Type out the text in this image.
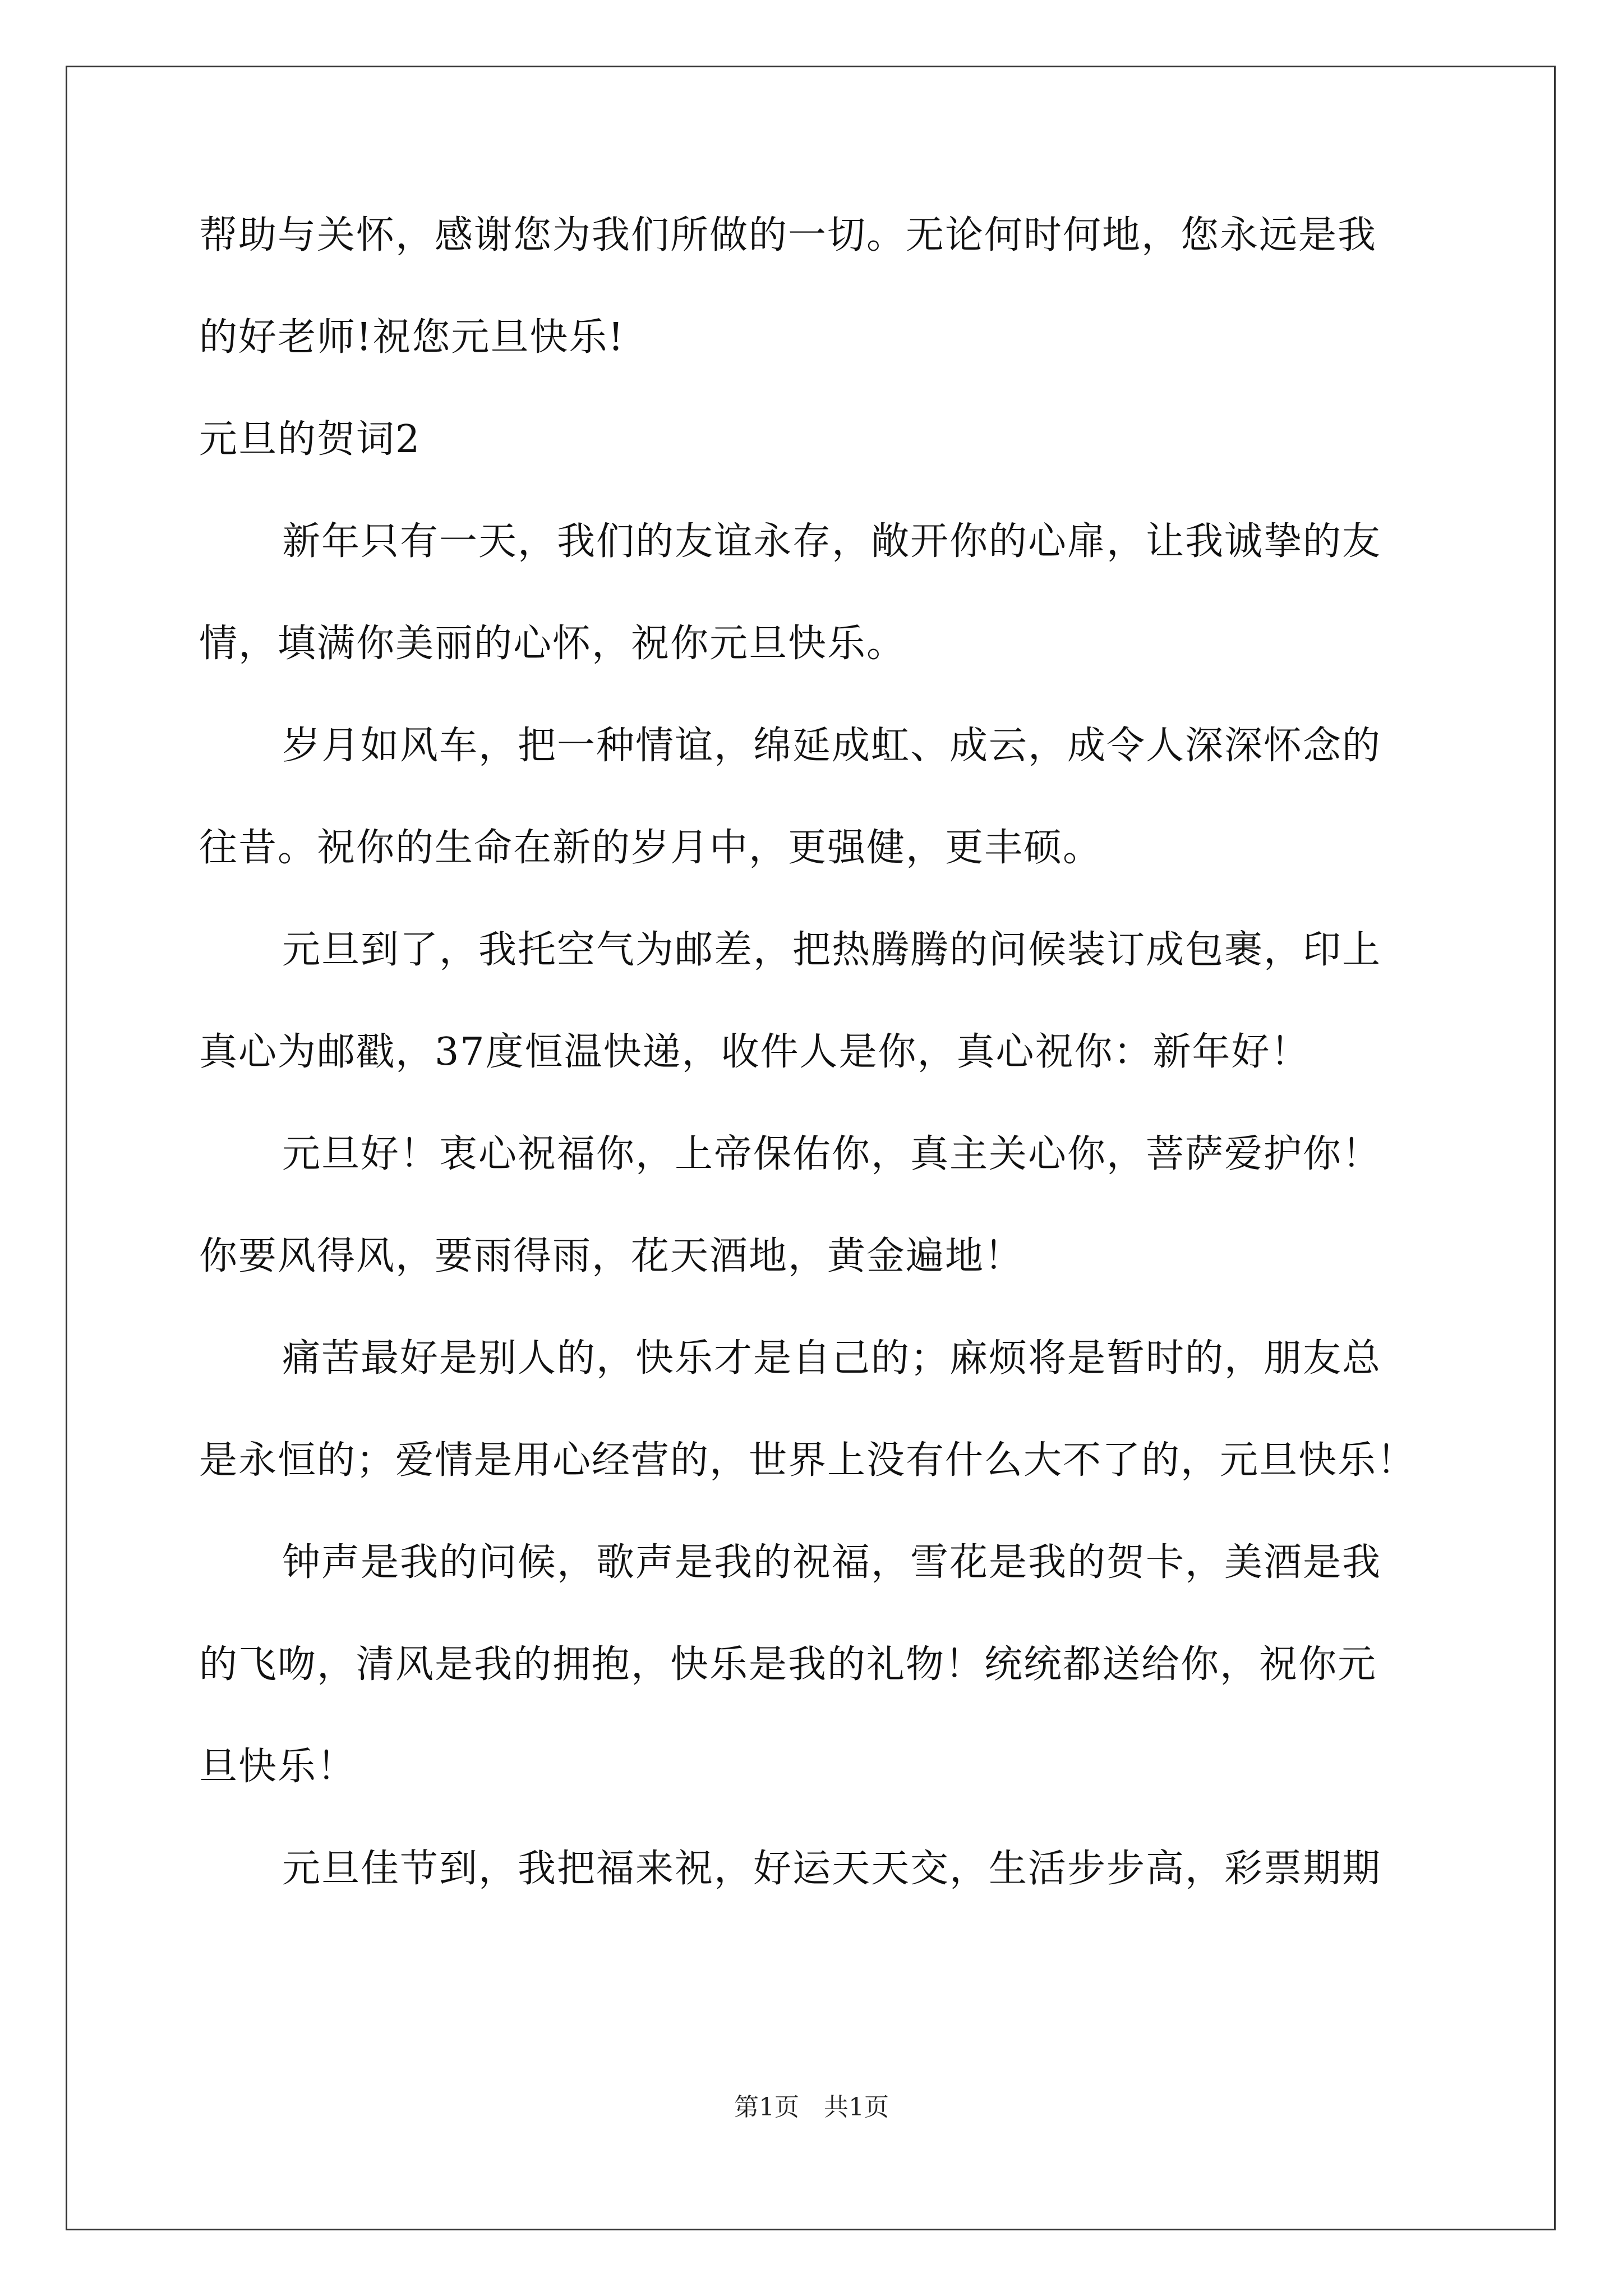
帮助与关怀，感谢您为我们所做的一切。无论何时何地，您永远是我
的好老师!祝您元旦快乐!
元旦的贺词2
新年只有一天，我们的友谊永存，敞开你的心扉，让我诚挚的友
情，填满你美丽的心怀，祝你元旦快乐。
岁月如风车，把一种情谊，绵延成虹、成云，成令人深深怀念的
往昔。祝你的生命在新的岁月中，更强健，更丰硕。
元旦到了，我托空气为邮差，把热腾腾的问候装订成包裹，印上
真心为邮戳，37度恒温快递，收件人是你，真心祝你：新年好！
元旦好！衷心祝福你，上帝保佑你，真主关心你，菩萨爱护你！
你要风得风，要雨得雨，花天酒地，黄金遍地！
痛苦最好是别人的，快乐才是自己的；麻烦将是暂时的，朋友总
是永恒的；爱情是用心经营的，世界上没有什么大不了的，元旦快乐！
钟声是我的问候，歌声是我的祝福，雪花是我的贺卡，美酒是我
的飞吻，清风是我的拥抱，快乐是我的礼物！统统都送给你，祝你元
旦快乐！
元旦佳节到，我把福来祝，好运天天交，生活步步高，彩票期期
第1页　共1页
